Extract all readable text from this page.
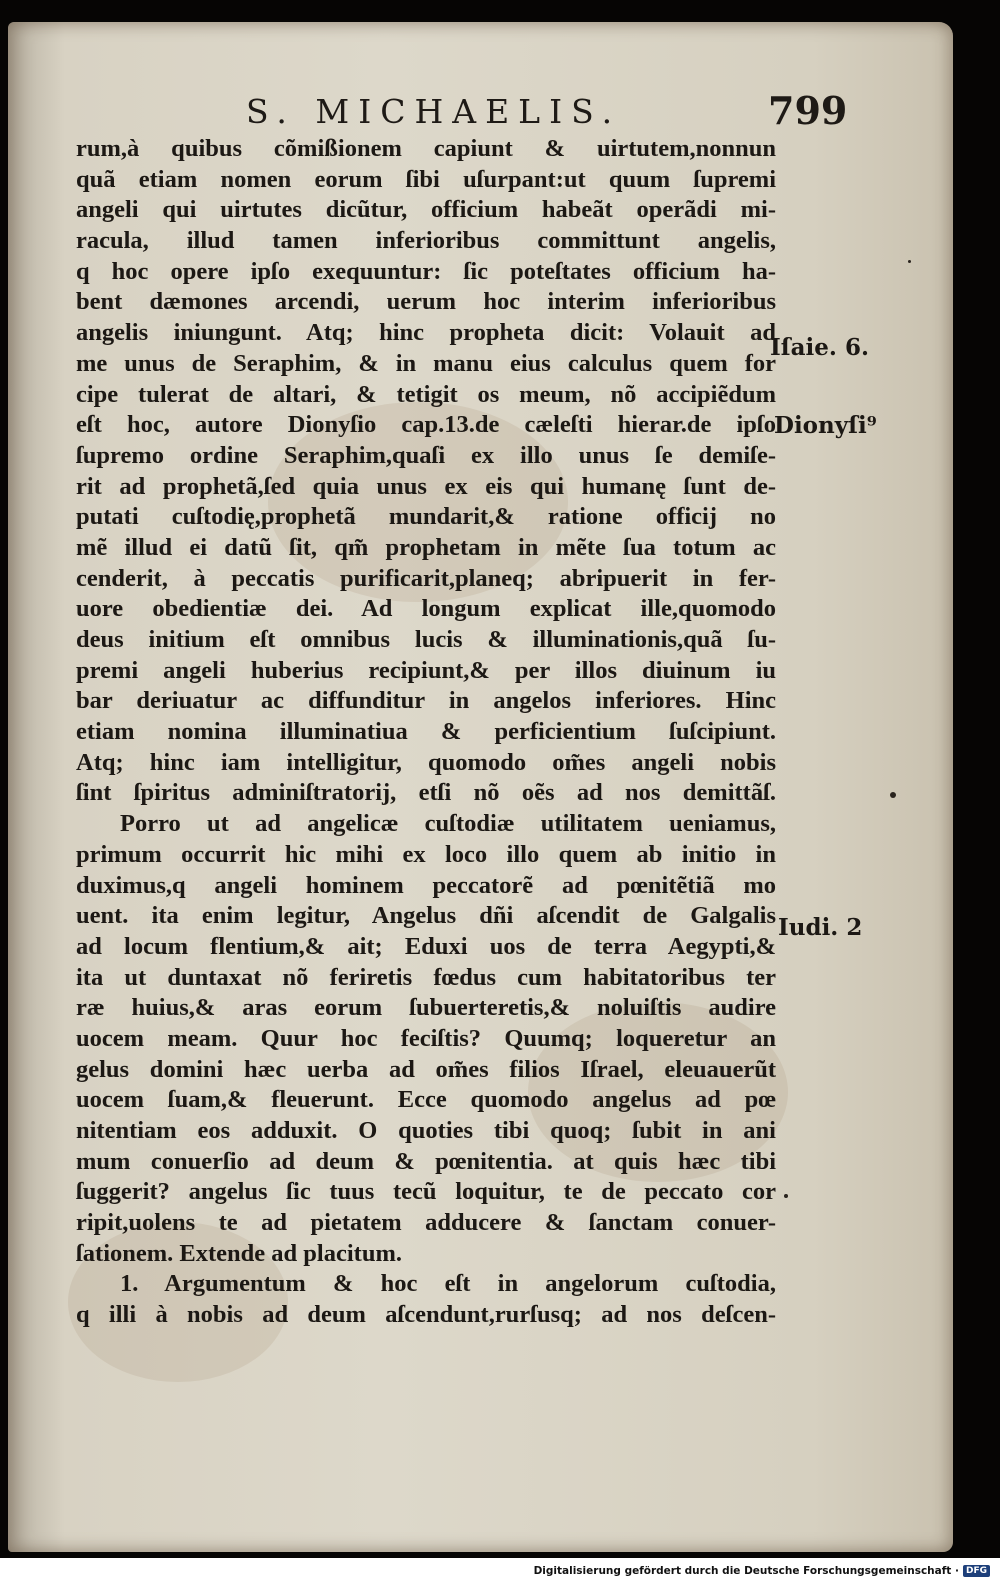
S. MICHAELIS.	799
rum,à quibus cõmißionem capiunt & uirtutem,nonnun
quã etiam nomen eorum ſibi uſurpant:ut quum ſupremi
angeli qui uirtutes dicũtur, officium habeãt operãdi mi-
racula, illud tamen inferioribus committunt angelis,
q hoc opere ipſo exequuntur: ſic poteſtates officium ha-
bent dæmones arcendi, uerum hoc interim inferioribus
angelis iniungunt. Atq; hinc propheta dicit: Volauit ad
me unus de Seraphim, & in manu eius calculus quem for
cipe tulerat de altari, & tetigit os meum, nõ accipiẽdum
eſt hoc, autore Dionyſio cap.13.de cæleſti hierar.de ipſo
ſupremo ordine Seraphim,quaſi ex illo unus ſe demiſe-
rit ad prophetã,ſed quia unus ex eis qui humanę ſunt de-
putati cuſtodię,prophetã mundarit,& ratione officij no
mẽ illud ei datũ ſit, qm̃ prophetam in mẽte ſua totum ac
cenderit, à peccatis purificarit,planeq; abripuerit in fer-
uore obedientiæ dei. Ad longum explicat ille,quomodo
deus initium eſt omnibus lucis & illuminationis,quã ſu-
premi angeli huberius recipiunt,& per illos diuinum iu
bar deriuatur ac diffunditur in angelos inferiores. Hinc
etiam nomina illuminatiua & perficientium ſuſcipiunt.
Atq; hinc iam intelligitur, quomodo om̃es angeli nobis
ſint ſpiritus adminiſtratorij, etſi nõ oẽs ad nos demittãſ.
Porro ut ad angelicæ cuſtodiæ utilitatem ueniamus,
primum occurrit hic mihi ex loco illo quem ab initio in
duximus,q angeli hominem peccatorẽ ad pœnitẽtiã mo
uent. ita enim legitur, Angelus dñi aſcendit de Galgalis
ad locum flentium,& ait; Eduxi uos de terra Aegypti,&
ita ut duntaxat nõ feriretis fœdus cum habitatoribus ter
ræ huius,& aras eorum ſubuerteretis,& noluiſtis audire
uocem meam. Quur hoc feciſtis? Quumq; loqueretur an
gelus domini hæc uerba ad om̃es filios Iſrael, eleuauerũt
uocem ſuam,& fleuerunt. Ecce quomodo angelus ad pœ
nitentiam eos adduxit. O quoties tibi quoq; ſubit in ani
mum conuerſio ad deum & pœnitentia. at quis hæc tibi
ſuggerit? angelus ſic tuus tecũ loquitur, te de peccato cor
ripit,uolens te ad pietatem adducere & ſanctam conuer-
ſationem. Extende ad placitum.
1. Argumentum & hoc eſt in angelorum cuſtodia,
q illi à nobis ad deum aſcendunt,rurſusq; ad nos deſcen-
Iſaie. 6.
Dionyſi⁹
Iudi. 2
Digitalisierung gefördert durch die Deutsche Forschungsgemeinschaft · DFG
